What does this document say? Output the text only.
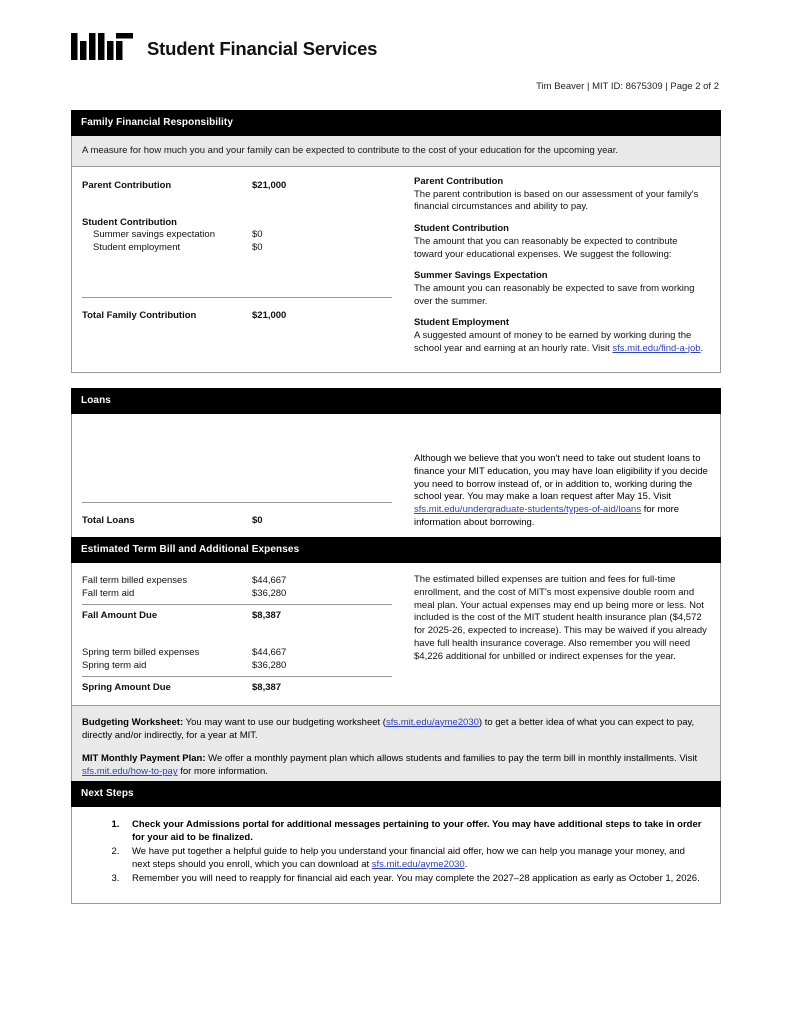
Student Financial Services
Tim Beaver | MIT ID: 8675309 | Page 2 of 2
Family Financial Responsibility
A measure for how much you and your family can be expected to contribute to the cost of your education for the upcoming year.
Parent Contribution	$21,000
Student Contribution
Summer savings expectation	$0
Student employment	$0
Total Family Contribution	$21,000

Parent Contribution

The parent contribution is based on our assessment of your family's financial circumstances and ability to pay.

Student Contribution

The amount that you can reasonably be expected to contribute toward your educational expenses. We suggest the following:

Summer Savings Expectation

The amount you can reasonably be expected to save from working over the summer.

Student Employment

A suggested amount of money to be earned by working during the school year and earning at an hourly rate. Visit sfs.mit.edu/find-a-job.

Loans
Total Loans	$0
Although we believe that you won't need to take out student loans to finance your MIT education, you may have loan eligibility if you decide you need to borrow instead of, or in addition to, working during the school year. You may make a loan request after May 15. Visit sfs.mit.edu/undergraduate-students/types-of-aid/loans for more information about borrowing.
Estimated Term Bill and Additional Expenses
Fall term billed expenses	$44,667
Fall term aid	$36,280
Fall Amount Due	$8,387
Spring term billed expenses	$44,667
Spring term aid	$36,280
Spring Amount Due	$8,387
The estimated billed expenses are tuition and fees for full-time enrollment, and the cost of MIT's most expensive double room and meal plan. Your actual expenses may end up being more or less. Not included is the cost of the MIT student health insurance plan ($4,572 for 2025-26, expected to increase). This may be waived if you already have full health insurance coverage. Also remember you will need $4,226 additional for unbilled or indirect expenses for the year.

Budgeting Worksheet: You may want to use our budgeting worksheet (sfs.mit.edu/ayme2030) to get a better idea of what you can expect to pay, directly and/or indirectly, for a year at MIT.

MIT Monthly Payment Plan: We offer a monthly payment plan which allows students and families to pay the term bill in monthly installments. Visit sfs.mit.edu/how-to-pay for more information.

Next Steps
1. Check your Admissions portal for additional messages pertaining to your offer. You may have additional steps to take in order for your aid to be finalized.
2. We have put together a helpful guide to help you understand your financial aid offer, how we can help you manage your money, and next steps should you enroll, which you can download at sfs.mit.edu/ayme2030.
3. Remember you will need to reapply for financial aid each year. You may complete the 2027–28 application as early as October 1, 2026.
